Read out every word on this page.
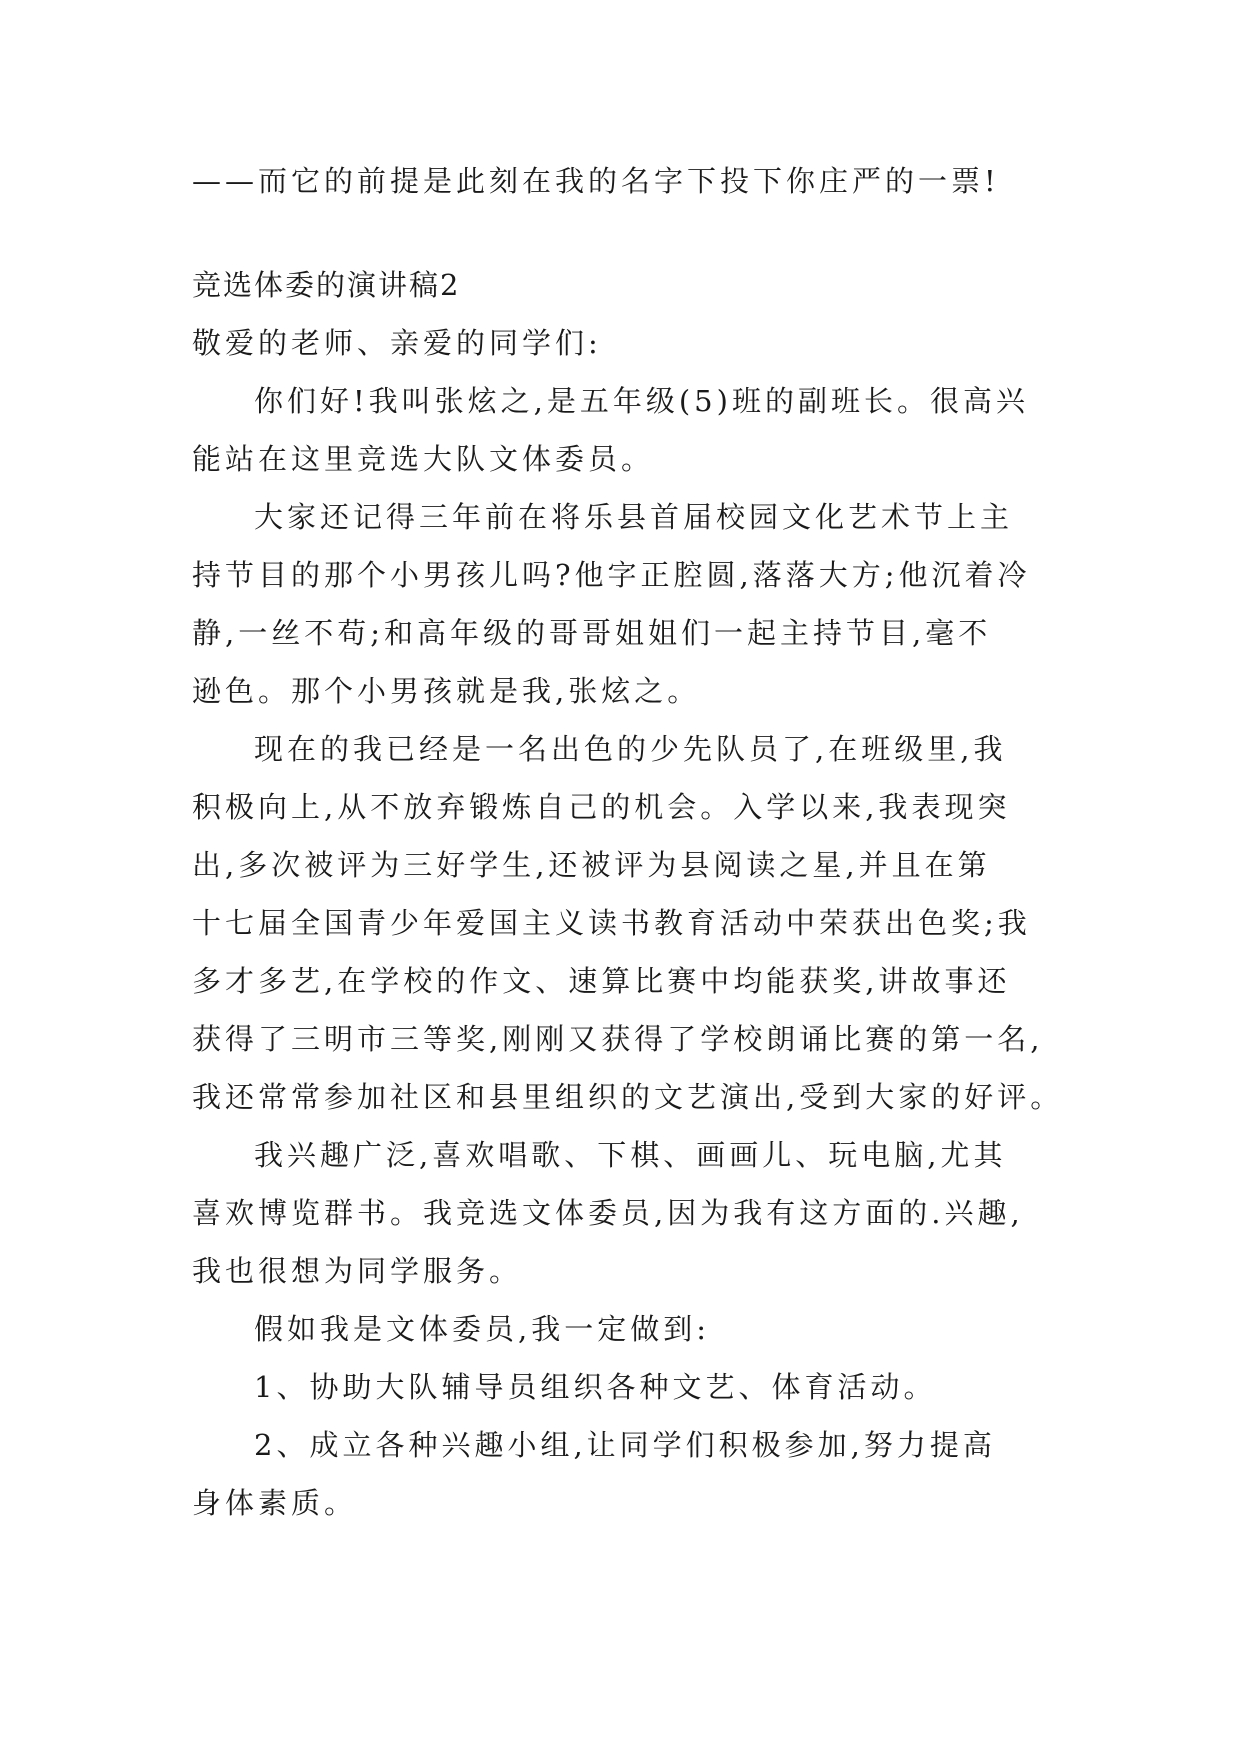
——而它的前提是此刻在我的名字下投下你庄严的一票!
竞选体委的演讲稿2
敬爱的老师、亲爱的同学们:
你们好!我叫张炫之,是五年级(5)班的副班长。很高兴
能站在这里竞选大队文体委员。
大家还记得三年前在将乐县首届校园文化艺术节上主
持节目的那个小男孩儿吗?他字正腔圆,落落大方;他沉着冷
静,一丝不苟;和高年级的哥哥姐姐们一起主持节目,毫不
逊色。那个小男孩就是我,张炫之。
现在的我已经是一名出色的少先队员了,在班级里,我
积极向上,从不放弃锻炼自己的机会。入学以来,我表现突
出,多次被评为三好学生,还被评为县阅读之星,并且在第
十七届全国青少年爱国主义读书教育活动中荣获出色奖;我
多才多艺,在学校的作文、速算比赛中均能获奖,讲故事还
获得了三明市三等奖,刚刚又获得了学校朗诵比赛的第一名,
我还常常参加社区和县里组织的文艺演出,受到大家的好评。
我兴趣广泛,喜欢唱歌、下棋、画画儿、玩电脑,尤其
喜欢博览群书。我竞选文体委员,因为我有这方面的.兴趣,
我也很想为同学服务。
假如我是文体委员,我一定做到:
1、协助大队辅导员组织各种文艺、体育活动。
2、成立各种兴趣小组,让同学们积极参加,努力提高
身体素质。
